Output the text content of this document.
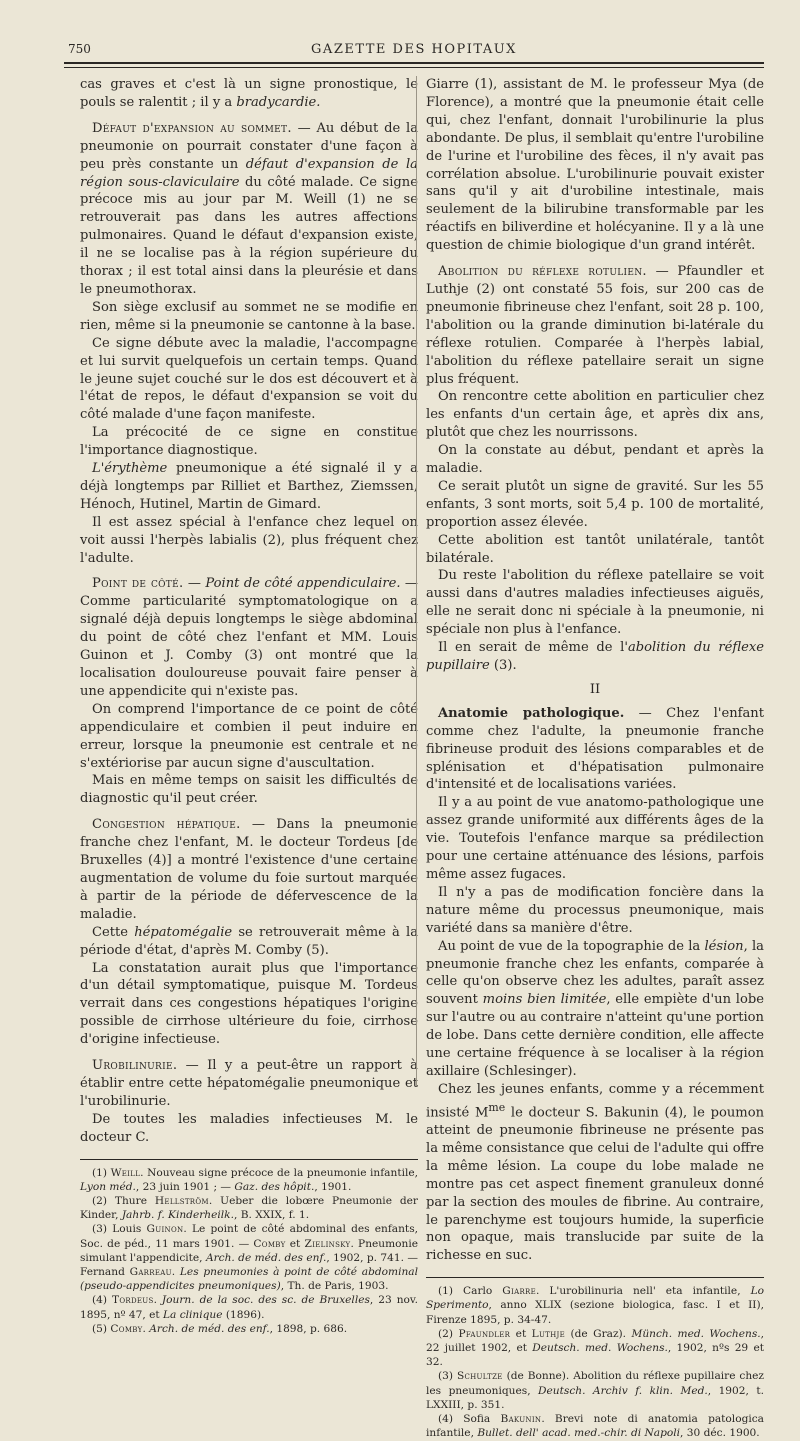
750	GAZETTE DES HOPITAUX

cas graves et c'est là un signe pronostique, le pouls se ralentit ; il y a bradycardie.

Défaut d'expansion au sommet. — Au début de la pneumonie on pourrait constater d'une façon à peu près constante un défaut d'expansion de la région sous-claviculaire du côté malade. Ce signe précoce mis au jour par M. Weill (1) ne se retrouverait pas dans les autres affections pulmonaires. Quand le défaut d'expansion existe, il ne se localise pas à la région supérieure du thorax ; il est total ainsi dans la pleurésie et dans le pneumothorax.

Son siège exclusif au sommet ne se modifie en rien, même si la pneumonie se cantonne à la base.

Ce signe débute avec la maladie, l'accompagne et lui survit quelquefois un certain temps. Quand le jeune sujet couché sur le dos est découvert et à l'état de repos, le défaut d'expansion se voit du côté malade d'une façon manifeste.

La précocité de ce signe en constitue l'importance diagnostique.

L'érythème pneumonique a été signalé il y a déjà longtemps par Rilliet et Barthez, Ziemssen, Hénoch, Hutinel, Martin de Gimard.

Il est assez spécial à l'enfance chez lequel on voit aussi l'herpès labialis (2), plus fréquent chez l'adulte.

Point de côté. — Point de côté appendiculaire. — Comme particularité symptomatologique on a signalé déjà depuis longtemps le siège abdominal du point de côté chez l'enfant et MM. Louis Guinon et J. Comby (3) ont montré que la localisation douloureuse pouvait faire penser à une appendicite qui n'existe pas.

On comprend l'importance de ce point de côté appendiculaire et combien il peut induire en erreur, lorsque la pneumonie est centrale et ne s'extériorise par aucun signe d'auscultation.

Mais en même temps on saisit les difficultés de diagnostic qu'il peut créer.

Congestion hépatique. — Dans la pneumonie franche chez l'enfant, M. le docteur Tordeus [de Bruxelles (4)] a montré l'existence d'une certaine augmentation de volume du foie surtout marquée à partir de la période de défervescence de la maladie.

Cette hépatomégalie se retrouverait même à la période d'état, d'après M. Comby (5).

La constatation aurait plus que l'importance d'un détail symptomatique, puisque M. Tordeus verrait dans ces congestions hépatiques l'origine possible de cirrhose ultérieure du foie, cirrhose d'origine infectieuse.

Urobilinurie. — Il y a peut-être un rapport à établir entre cette hépatomégalie pneumonique et l'urobilinurie.

De toutes les maladies infectieuses M. le docteur C.

(1) Weill. Nouveau signe précoce de la pneumonie infantile, Lyon méd., 23 juin 1901 ; — Gaz. des hôpit., 1901.

(2) Thure Hellström. Ueber die lobœre Pneumonie der Kinder, Jahrb. f. Kinderheilk., B. XXIX, f. 1.

(3) Louis Guinon. Le point de côté abdominal des enfants, Soc. de péd., 11 mars 1901. — Comby et Zielinsky. Pneumonie simulant l'appendicite, Arch. de méd. des enf., 1902, p. 741. — Fernand Garreau. Les pneumonies à point de côté abdominal (pseudo-appendicites pneumoniques), Th. de Paris, 1903.

(4) Tordeus. Journ. de la soc. des sc. de Bruxelles, 23 nov. 1895, nº 47, et La clinique (1896).

(5) Comby. Arch. de méd. des enf., 1898, p. 686.

Giarre (1), assistant de M. le professeur Mya (de Florence), a montré que la pneumonie était celle qui, chez l'enfant, donnait l'urobilinurie la plus abondante. De plus, il semblait qu'entre l'urobiline de l'urine et l'urobiline des fèces, il n'y avait pas corrélation absolue. L'urobilinurie pouvait exister sans qu'il y ait d'urobiline intestinale, mais seulement de la bilirubine transformable par les réactifs en biliverdine et holécyanine. Il y a là une question de chimie biologique d'un grand intérêt.

Abolition du réflexe rotulien. — Pfaundler et Luthje (2) ont constaté 55 fois, sur 200 cas de pneumonie fibrineuse chez l'enfant, soit 28 p. 100, l'abolition ou la grande diminution bi-latérale du réflexe rotulien. Comparée à l'herpès labial, l'abolition du réflexe patellaire serait un signe plus fréquent.

On rencontre cette abolition en particulier chez les enfants d'un certain âge, et après dix ans, plutôt que chez les nourrissons.

On la constate au début, pendant et après la maladie.

Ce serait plutôt un signe de gravité. Sur les 55 enfants, 3 sont morts, soit 5,4 p. 100 de mortalité, proportion assez élevée.

Cette abolition est tantôt unilatérale, tantôt bilatérale.

Du reste l'abolition du réflexe patellaire se voit aussi dans d'autres maladies infectieuses aiguës, elle ne serait donc ni spéciale à la pneumonie, ni spéciale non plus à l'enfance.

Il en serait de même de l'abolition du réflexe pupillaire (3).

II

Anatomie pathologique. — Chez l'enfant comme chez l'adulte, la pneumonie franche fibrineuse produit des lésions comparables et de splénisation et d'hépatisation pulmonaire d'intensité et de localisations variées.

Il y a au point de vue anatomo-pathologique une assez grande uniformité aux différents âges de la vie. Toutefois l'enfance marque sa prédilection pour une certaine atténuance des lésions, parfois même assez fugaces.

Il n'y a pas de modification foncière dans la nature même du processus pneumonique, mais variété dans sa manière d'être.

Au point de vue de la topographie de la lésion, la pneumonie franche chez les enfants, comparée à celle qu'on observe chez les adultes, paraît assez souvent moins bien limitée, elle empiète d'un lobe sur l'autre ou au contraire n'atteint qu'une portion de lobe. Dans cette dernière condition, elle affecte une certaine fréquence à se localiser à la région axillaire (Schlesinger).

Chez les jeunes enfants, comme y a récemment insisté $M^{me}$ le docteur S. Bakunin (4), le poumon atteint de pneumonie fibrineuse ne présente pas la même consistance que celui de l'adulte qui offre la même lésion. La coupe du lobe malade ne montre pas cet aspect finement granuleux donné par la section des moules de fibrine. Au contraire, le parenchyme est toujours humide, la superficie non opaque, mais translucide par suite de la richesse en suc.

(1) Carlo Giarre. L'urobilinuria nell' eta infantile, Lo Sperimento, anno XLIX (sezione biologica, fasc. I et II), Firenze 1895, p. 34-47.

(2) Pfaundler et Luthje (de Graz). Münch. med. Wochens., 22 juillet 1902, et Deutsch. med. Wochens., 1902, nºs 29 et 32.

(3) Schultze (de Bonne). Abolition du réflexe pupillaire chez les pneumoniques, Deutsch. Archiv f. klin. Med., 1902, t. LXXIII, p. 351.

(4) Sofia Bakunin. Brevi note di anatomia patologica infantile, Bullet. dell' acad. med.-chir. di Napoli, 30 déc. 1900.
